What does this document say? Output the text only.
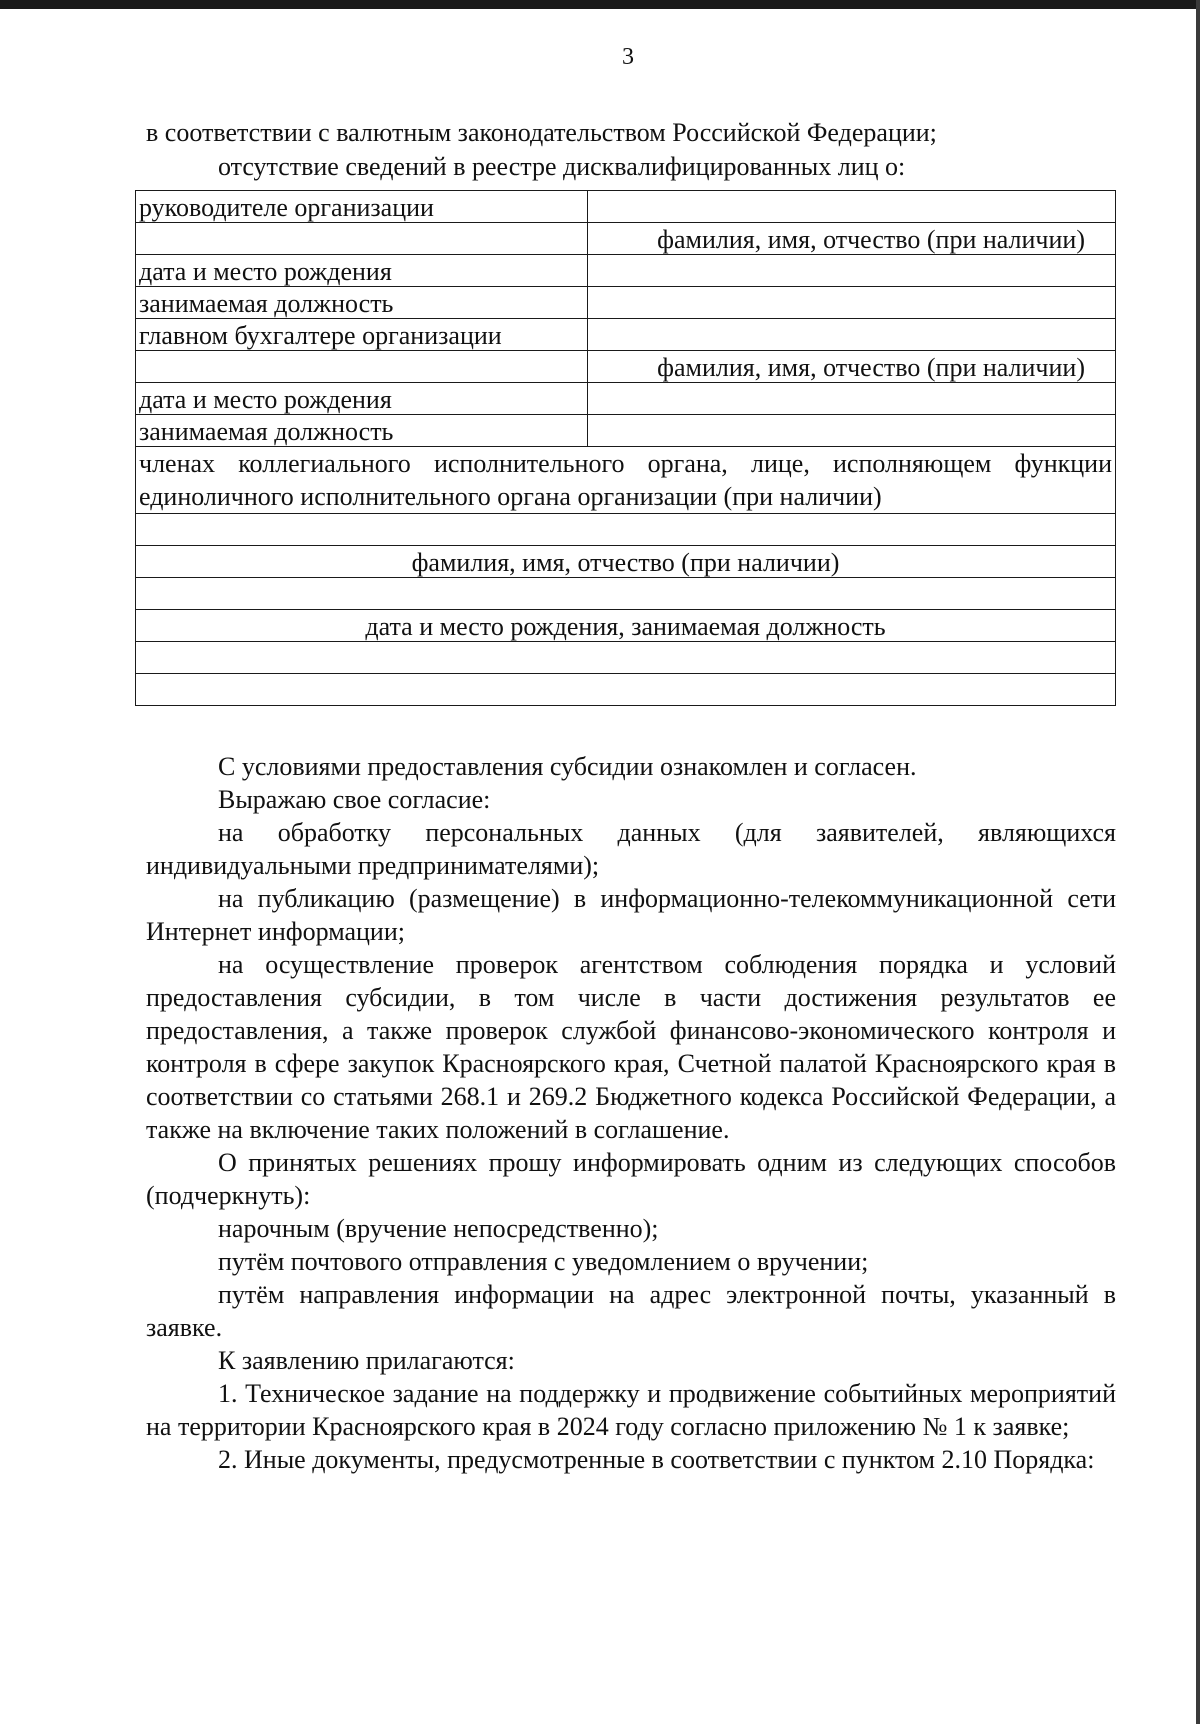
3
в соответствии с валютным законодательством Российской Федерации;
отсутствие сведений в реестре дисквалифицированных лиц о:
руководителе организации	
	фамилия, имя, отчество (при наличии)
дата и место рождения	
занимаемая должность	
главном бухгалтере организации	
	фамилия, имя, отчество (при наличии)
дата и место рождения	
занимаемая должность	
членах коллегиального исполнительного органа, лице, исполняющем функции единоличного исполнительного органа организации (при наличии)	

фамилия, имя, отчество (при наличии)	

дата и место рождения, занимаемая должность	

С условиями предоставления субсидии ознакомлен и согласен.

Выражаю свое согласие:

на обработку персональных данных (для заявителей, являющихся индивидуальными предпринимателями);

на публикацию (размещение) в информационно-телекоммуникационной сети Интернет информации;

на осуществление проверок агентством соблюдения порядка и условий предоставления субсидии, в том числе в части достижения результатов ее предоставления, а также проверок службой финансово-экономического контроля и контроля в сфере закупок Красноярского края, Счетной палатой Красноярского края в соответствии со статьями 268.1 и 269.2 Бюджетного кодекса Российской Федерации, а также на включение таких положений в соглашение.

О принятых решениях прошу информировать одним из следующих способов (подчеркнуть):

нарочным (вручение непосредственно);

путём почтового отправления с уведомлением о вручении;

путём направления информации на адрес электронной почты, указанный в заявке.

К заявлению прилагаются:

1. Техническое задание на поддержку и продвижение событийных мероприятий на территории Красноярского края в 2024 году согласно приложению № 1 к заявке;

2. Иные документы, предусмотренные в соответствии с пунктом 2.10 Порядка:
